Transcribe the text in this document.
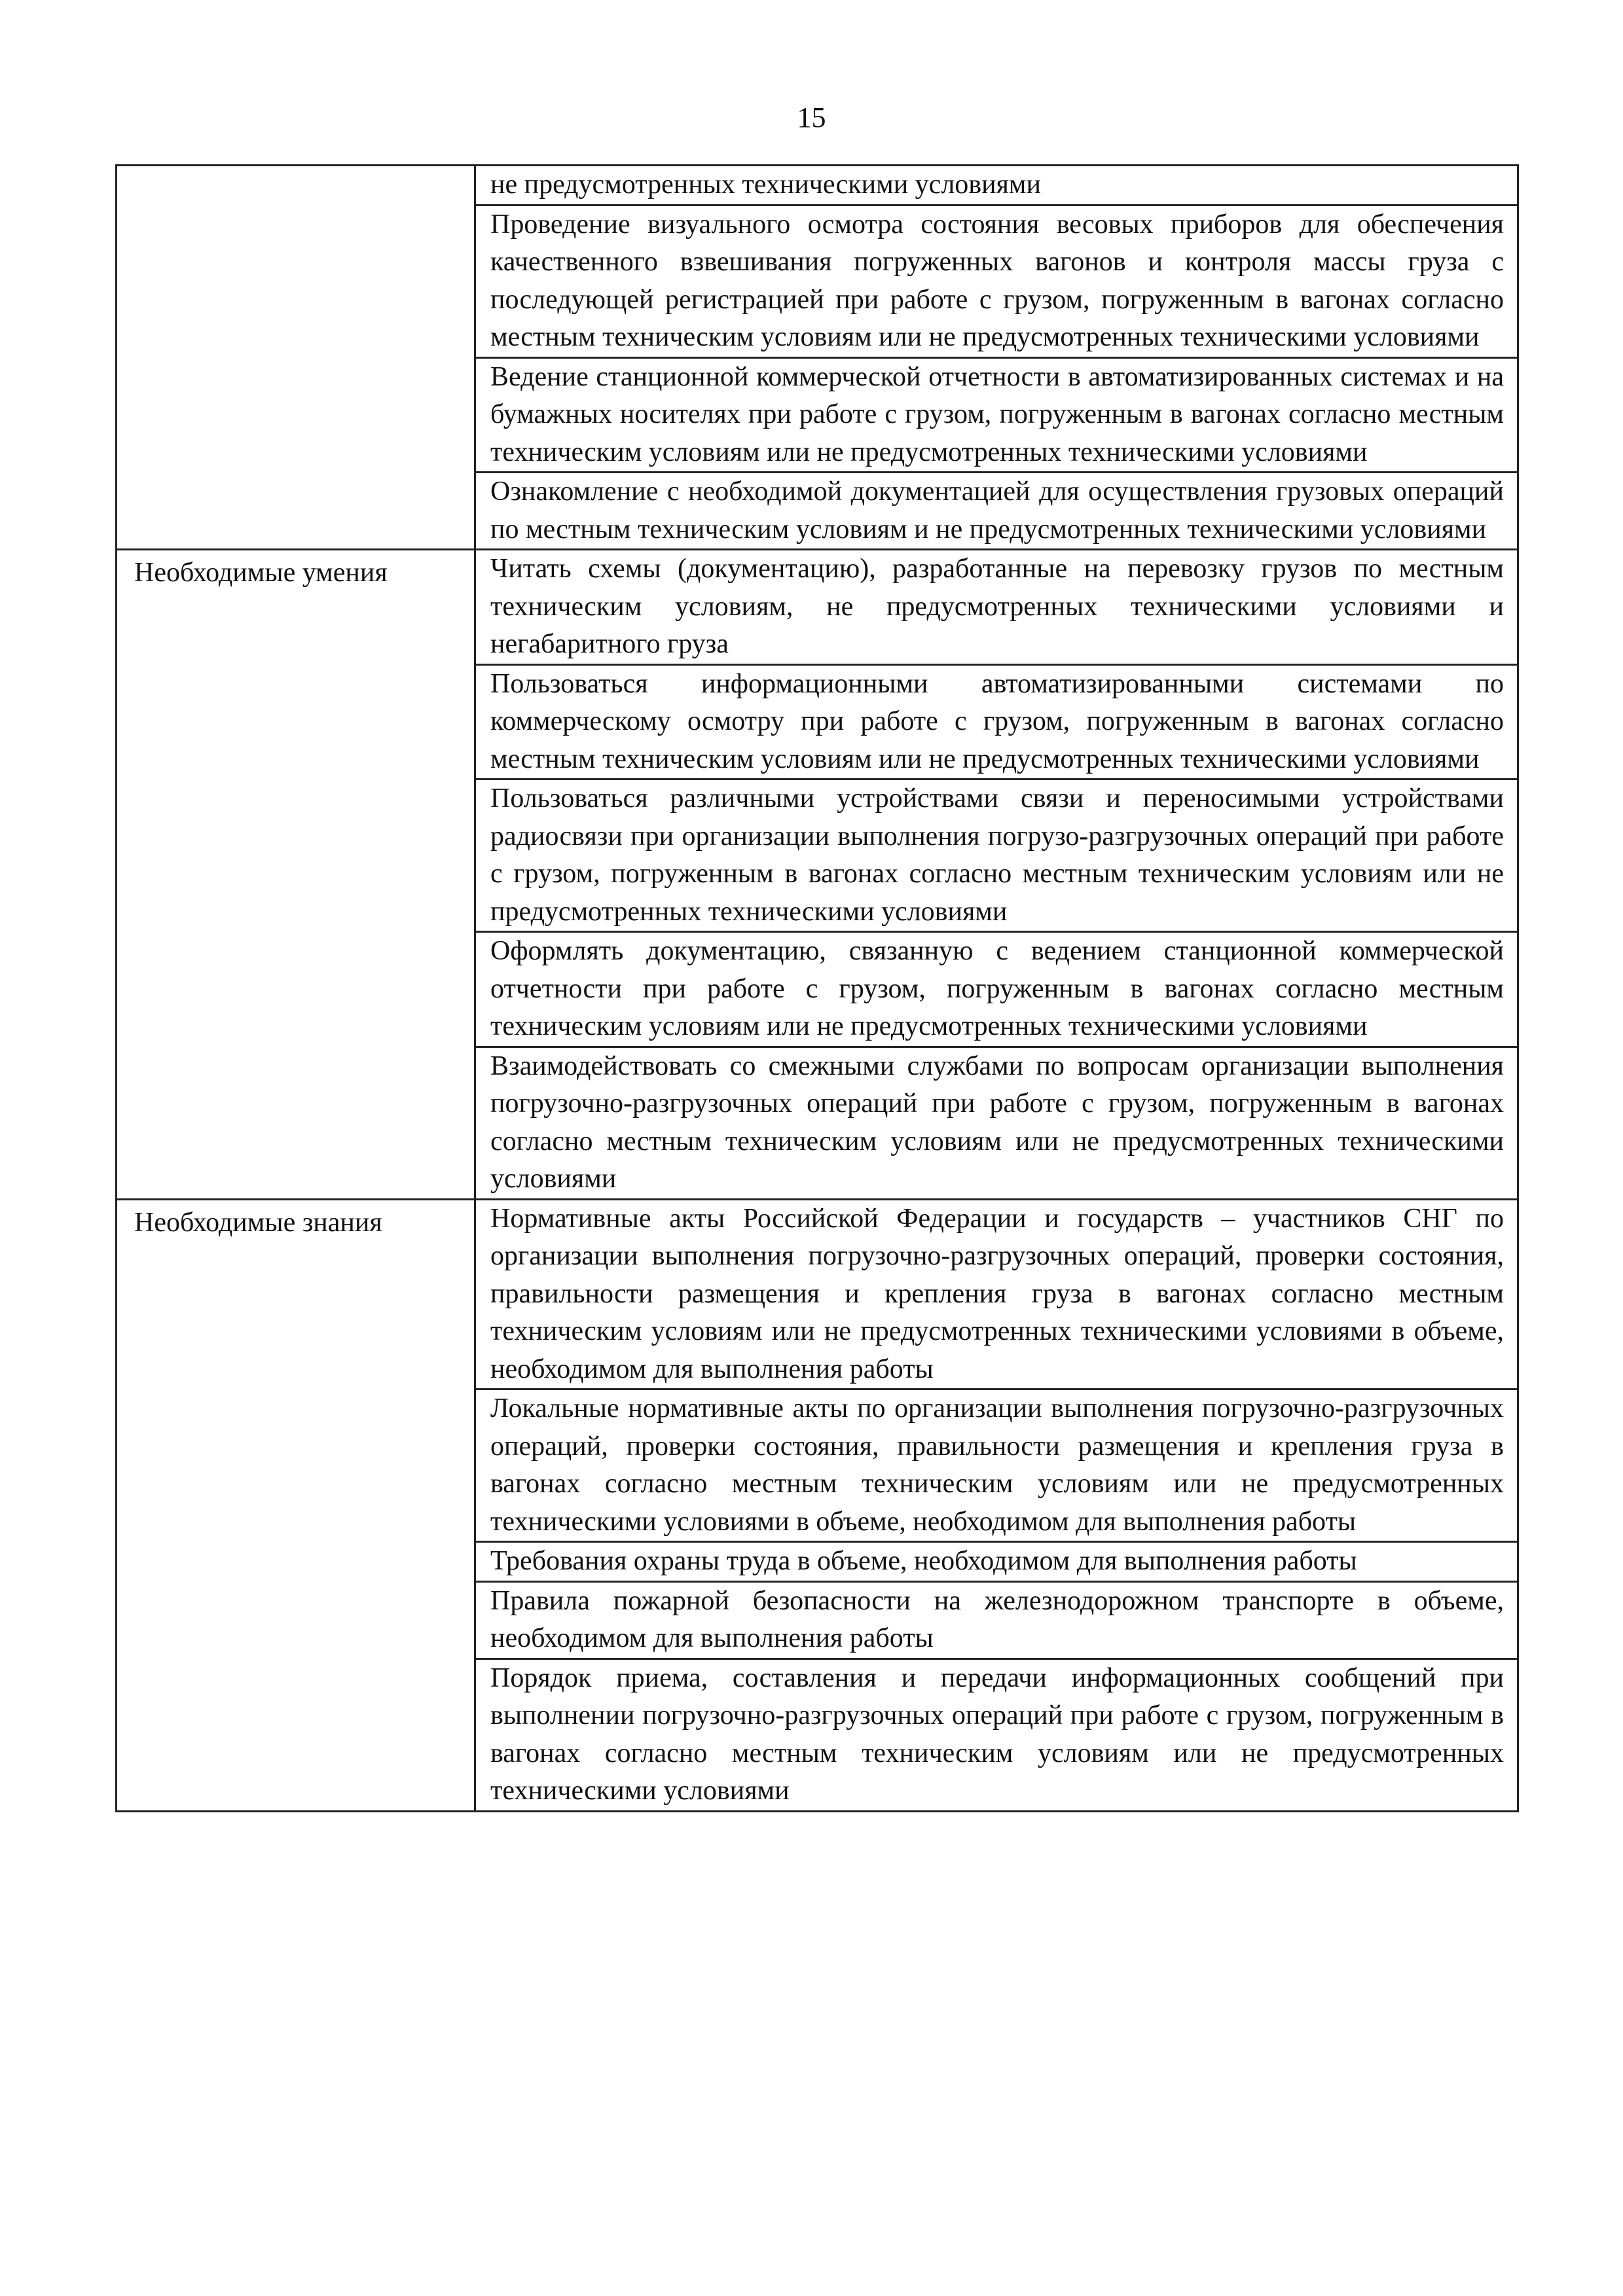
15
	не предусмотренных техническими условиями
	Проведение визуального осмотра состояния весовых приборов для обеспечения качественного взвешивания погруженных вагонов и контроля массы груза с последующей регистрацией при работе с грузом, погруженным в вагонах согласно местным техническим условиям или не предусмотренных техническими условиями
	Ведение станционной коммерческой отчетности в автоматизированных системах и на бумажных носителях при работе с грузом, погруженным в вагонах согласно местным техническим условиям или не предусмотренных техническими условиями
	Ознакомление с необходимой документацией для осуществления грузовых операций по местным техническим условиям и не предусмотренных техническими условиями
Необходимые умения	Читать схемы (документацию), разработанные на перевозку грузов по местным техническим условиям, не предусмотренных техническими условиями и негабаритного груза
	Пользоваться информационными автоматизированными системами по коммерческому осмотру при работе с грузом, погруженным в вагонах согласно местным техническим условиям или не предусмотренных техническими условиями
	Пользоваться различными устройствами связи и переносимыми устройствами радиосвязи при организации выполнения погрузо-разгрузочных операций при работе с грузом, погруженным в вагонах согласно местным техническим условиям или не предусмотренных техническими условиями
	Оформлять документацию, связанную с ведением станционной коммерческой отчетности при работе с грузом, погруженным в вагонах согласно местным техническим условиям или не предусмотренных техническими условиями
	Взаимодействовать со смежными службами по вопросам организации выполнения погрузочно-разгрузочных операций при работе с грузом, погруженным в вагонах согласно местным техническим условиям или не предусмотренных техническими условиями
Необходимые знания	Нормативные акты Российской Федерации и государств – участников СНГ по организации выполнения погрузочно-разгрузочных операций, проверки состояния, правильности размещения и крепления груза в вагонах согласно местным техническим условиям или не предусмотренных техническими условиями в объеме, необходимом для выполнения работы
	Локальные нормативные акты по организации выполнения погрузочно-разгрузочных операций, проверки состояния, правильности размещения и крепления груза в вагонах согласно местным техническим условиям или не предусмотренных техническими условиями в объеме, необходимом для выполнения работы
	Требования охраны труда в объеме, необходимом для выполнения работы
	Правила пожарной безопасности на железнодорожном транспорте в объеме, необходимом для выполнения работы
	Порядок приема, составления и передачи информационных сообщений при выполнении погрузочно-разгрузочных операций при работе с грузом, погруженным в вагонах согласно местным техническим условиям или не предусмотренных техническими условиями
